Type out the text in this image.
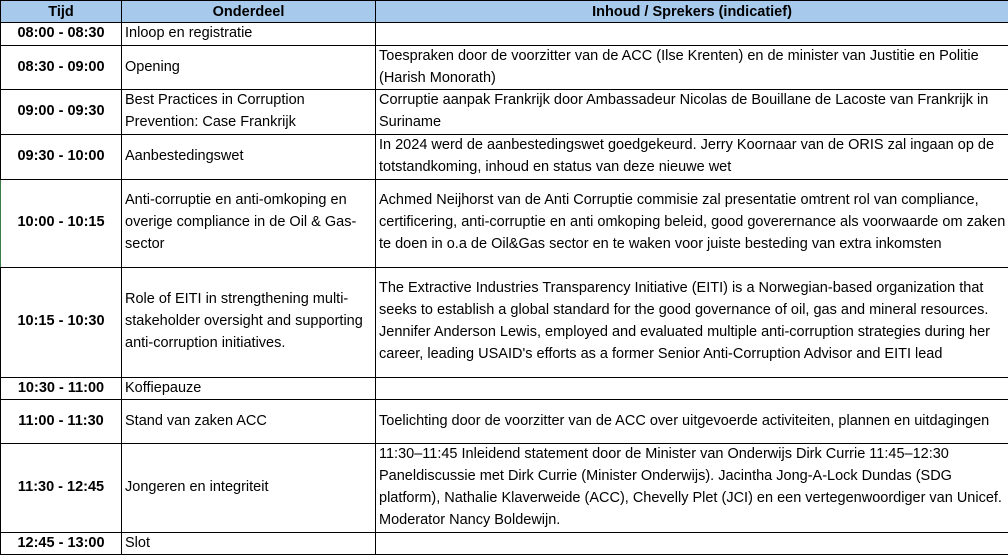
Tijd	Onderdeel	Inhoud / Sprekers (indicatief)
08:00 - 08:30	Inloop en registratie	
08:30 - 09:00	Opening	Toespraken door de voorzitter van de ACC (Ilse Krenten) en de minister van Justitie en Politie (Harish Monorath)
09:00 - 09:30	Best Practices in Corruption Prevention: Case Frankrijk	Corruptie aanpak Frankrijk door Ambassadeur Nicolas de Bouillane de Lacoste van Frankrijk in Suriname
09:30 - 10:00	Aanbestedingswet	In 2024 werd de aanbestedingswet goedgekeurd. Jerry Koornaar van de ORIS zal ingaan op de totstandkoming, inhoud en status van deze nieuwe wet
10:00 - 10:15	Anti-corruptie en anti-omkoping en overige compliance in de Oil & Gas-sector	Achmed Neijhorst van de Anti Corruptie commisie zal presentatie omtrent rol van compliance, certificering, anti-corruptie en anti omkoping beleid, good goverernance als voorwaarde om zaken te doen in o.a de Oil&Gas sector en te waken voor juiste besteding van extra inkomsten
10:15 - 10:30	Role of EITI in strengthening multi-stakeholder oversight and supporting anti-corruption initiatives.	The Extractive Industries Transparency Initiative (EITI) is a Norwegian-based organization that seeks to establish a global standard for the good governance of oil, gas and mineral resources. Jennifer Anderson Lewis, employed and evaluated multiple anti-corruption strategies during her career, leading USAID's efforts as a former Senior Anti-Corruption Advisor and EITI lead
10:30 - 11:00	Koffiepauze	
11:00 - 11:30	Stand van zaken ACC	Toelichting door de voorzitter van de ACC over uitgevoerde activiteiten, plannen en uitdagingen
11:30 - 12:45	Jongeren en integriteit	11:30–11:45 Inleidend statement door de Minister van Onderwijs Dirk Currie 11:45–12:30 Paneldiscussie met Dirk Currie (Minister Onderwijs). Jacintha Jong-A-Lock Dundas (SDG platform), Nathalie Klaverweide (ACC), Chevelly Plet (JCI) en een vertegenwoordiger van Unicef. Moderator Nancy Boldewijn.
12:45 - 13:00	Slot	
